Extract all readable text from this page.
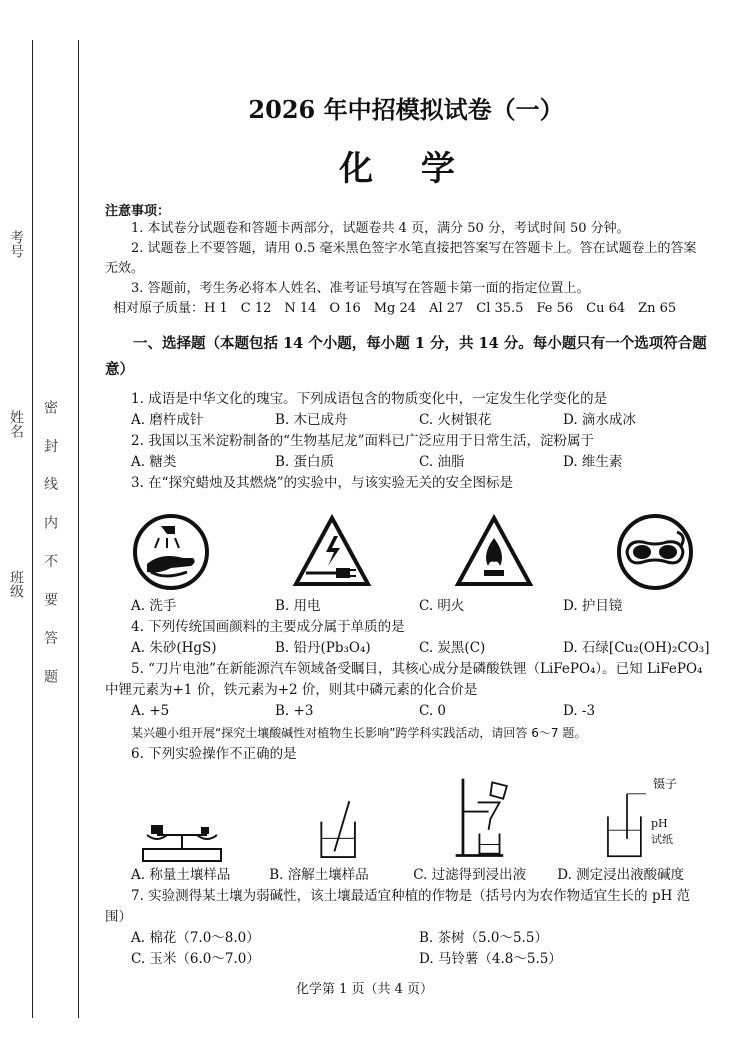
考号
姓名
班级 密 封 线 内 不 要 答 题
2026 年中招模拟试卷（一）
化 学
注意事项：
1. 本试卷分试题卷和答题卡两部分，试题卷共 4 页，满分 50 分，考试时间 50 分钟。
2. 试题卷上不要答题，请用 0.5 毫米黑色签字水笔直接把答案写在答题卡上。答在试题卷上的答案无效。
3. 答题前，考生务必将本人姓名、准考证号填写在答题卡第一面的指定位置上。
相对原子质量：H 1　C 12　N 14　O 16　Mg 24　Al 27　Cl 35.5　Fe 56　Cu 64　Zn 65
一、选择题（本题包括 14 个小题，每小题 1 分，共 14 分。每小题只有一个选项符合题意）
1. 成语是中华文化的瑰宝。下列成语包含的物质变化中，一定发生化学变化的是
A. 磨杵成针	B. 木已成舟	C. 火树银花	D. 滴水成冰
2. 我国以玉米淀粉制备的“生物基尼龙”面料已广泛应用于日常生活，淀粉属于
A. 糖类	B. 蛋白质	C. 油脂	D. 维生素
3. 在“探究蜡烛及其燃烧”的实验中，与该实验无关的安全图标是
A. 洗手	B. 用电	C. 明火	D. 护目镜
4. 下列传统国画颜料的主要成分属于单质的是
A. 朱砂(HgS)	B. 铅丹(Pb₃O₄)	C. 炭黑(C)	D. 石绿[Cu₂(OH)₂CO₃]
5. “刀片电池”在新能源汽车领域备受瞩目，其核心成分是磷酸铁锂（LiFePO₄）。已知 LiFePO₄中锂元素为+1 价，铁元素为+2 价，则其中磷元素的化合价是
A. +5	B. +3	C. 0	D. -3
某兴趣小组开展“探究土壤酸碱性对植物生长影响”跨学科实践活动，请回答 6～7 题。
6. 下列实验操作不正确的是
镊子
pH
试纸
A. 称量土壤样品	B. 溶解土壤样品	C. 过滤得到浸出液	D. 测定浸出液酸碱度
7. 实验测得某土壤为弱碱性，该土壤最适宜种植的作物是（括号内为农作物适宜生长的 pH 范围）
A. 棉花（7.0～8.0）	B. 茶树（5.0～5.5）
C. 玉米（6.0～7.0）	D. 马铃薯（4.8～5.5）
化学第 1 页（共 4 页）
